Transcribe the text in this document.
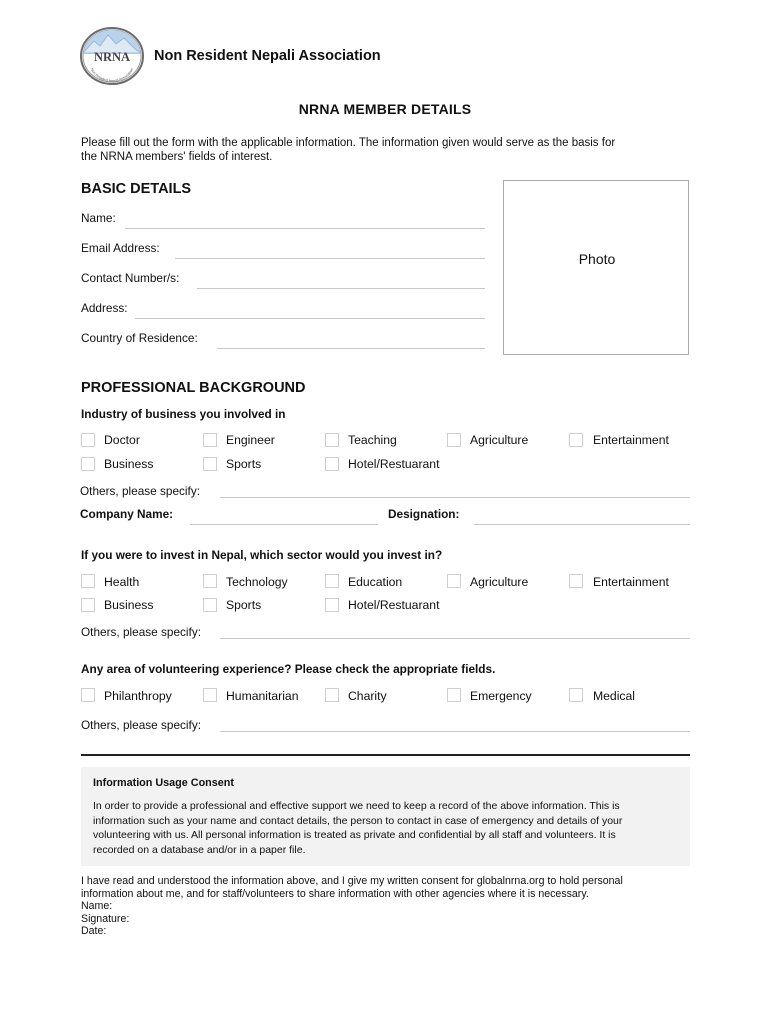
NRNA
Non Resident Nepali Association
Non Resident Nepali Association
NRNA MEMBER DETAILS
Please fill out the form with the applicable information. The information given would serve as the basis for
the NRNA members' fields of interest.
BASIC DETAILS
Name:
Email Address:
Contact Number/s:
Address:
Country of Residence:
Photo
PROFESSIONAL BACKGROUND
Industry of business you involved in
Doctor	Engineer	Teaching	Agriculture	Entertainment
Business	Sports	Hotel/Restuarant
Others, please specify:
Company Name:	Designation:
If you were to invest in Nepal, which sector would you invest in?
Health	Technology	Education	Agriculture	Entertainment
Business	Sports	Hotel/Restuarant
Others, please specify:
Any area of volunteering experience? Please check the appropriate fields.
Philanthropy	Humanitarian	Charity	Emergency	Medical
Others, please specify:
Information Usage Consent
In order to provide a professional and effective support we need to keep a record of the above information. This is
information such as your name and contact details, the person to contact in case of emergency and details of your
volunteering with us. All personal information is treated as private and confidential by all staff and volunteers. It is
recorded on a database and/or in a paper file.
I have read and understood the information above, and I give my written consent for globalnrna.org to hold personal
information about me, and for staff/volunteers to share information with other agencies where it is necessary.
Name:
Signature:
Date:
